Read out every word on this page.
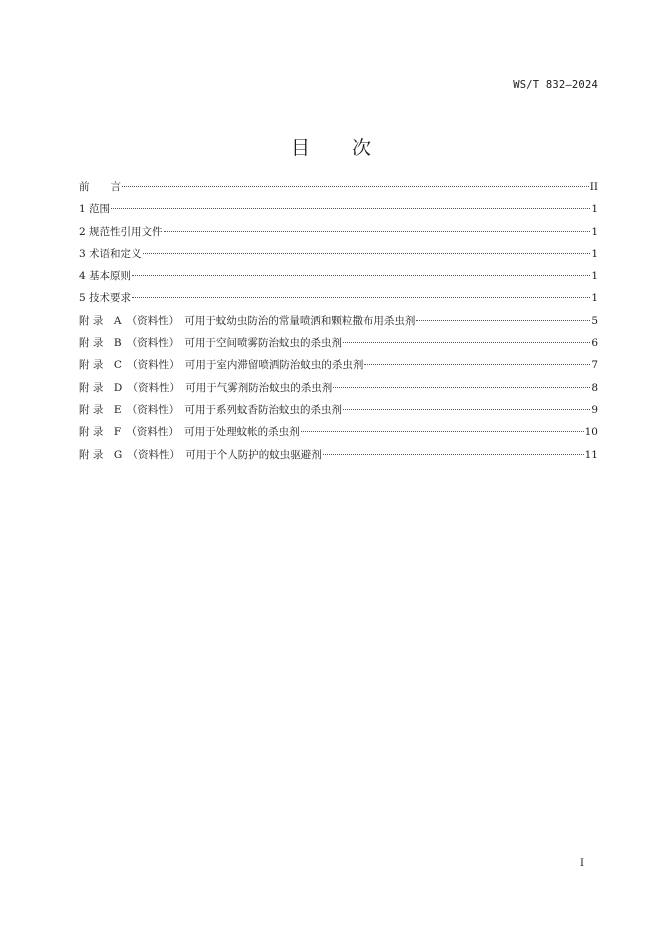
WS/T 832—2024
目 次
前　　言	II
1 范围	1
2 规范性引用文件	1
3 术语和定义	1
4 基本原则	1
5 技术要求	1
附 录　A　（资料性）　可用于蚊幼虫防治的常量喷洒和颗粒撒布用杀虫剂	5
附 录　B　（资料性）　可用于空间喷雾防治蚊虫的杀虫剂	6
附 录　C　（资料性）　可用于室内滞留喷洒防治蚊虫的杀虫剂	7
附 录　D　（资料性）　可用于气雾剂防治蚊虫的杀虫剂	8
附 录　E　（资料性）　可用于系列蚊香防治蚊虫的杀虫剂	9
附 录　F　（资料性）　可用于处理蚊帐的杀虫剂	10
附 录　G　（资料性）　可用于个人防护的蚊虫驱避剂	11
I
